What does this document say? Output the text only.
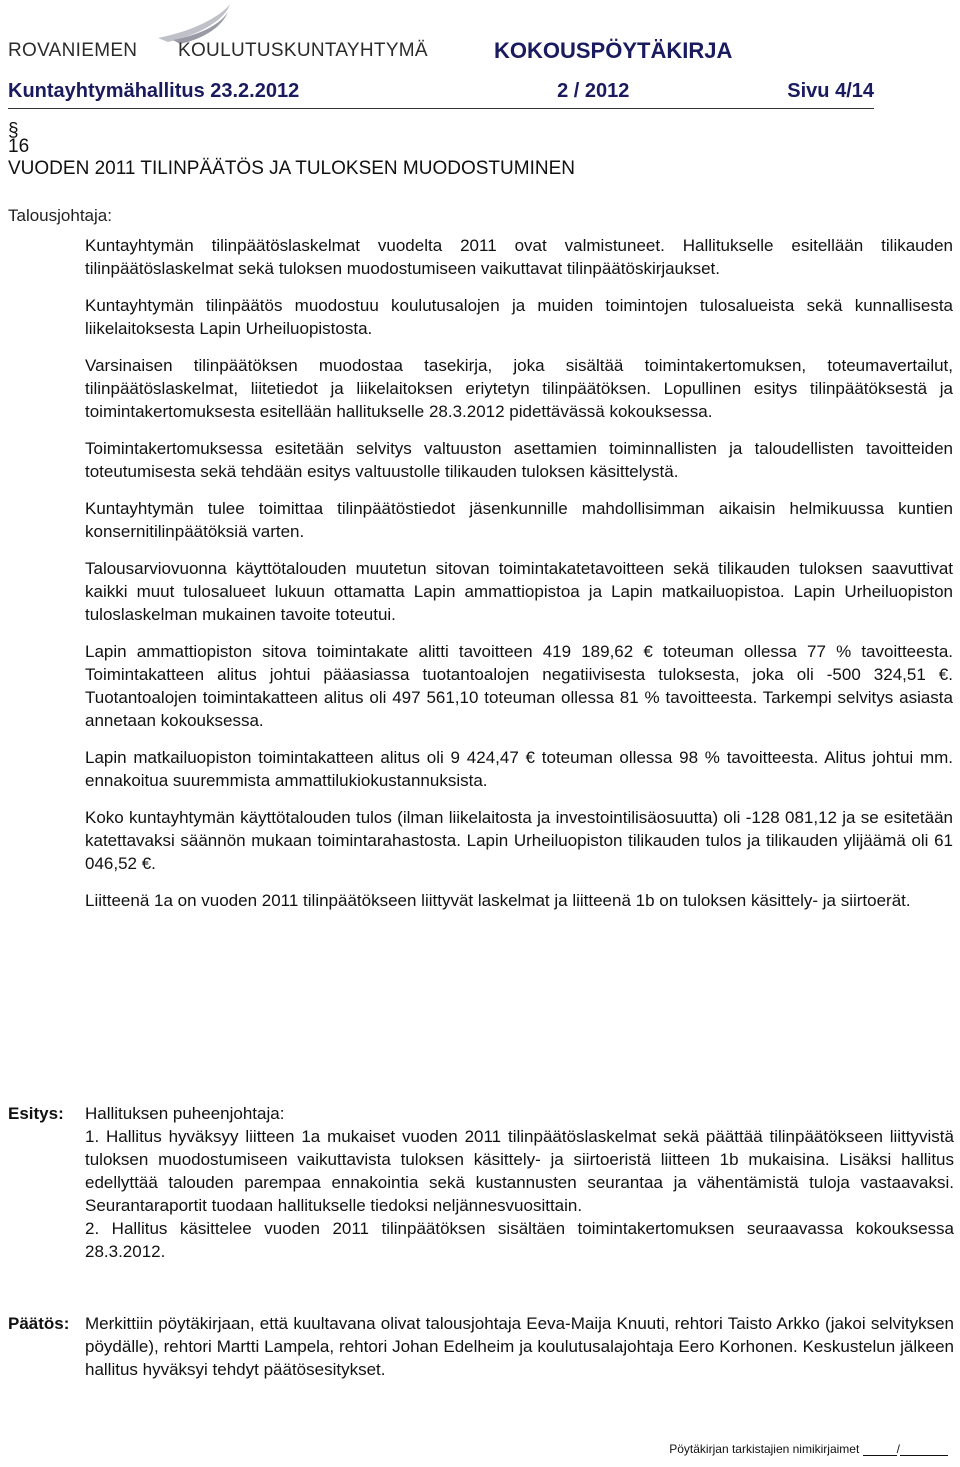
ROVANIEMEN KOULUTUSKUNTAYHTYMÄ	KOKOUSPÖYTÄKIRJA
Kuntayhtymähallitus 23.2.2012	2 / 2012	Sivu 4/14
§
16
VUODEN 2011 TILINPÄÄTÖS JA TULOKSEN MUODOSTUMINEN
Talousjohtaja:

Kuntayhtymän tilinpäätöslaskelmat vuodelta 2011 ovat valmistuneet. Hallitukselle esitellään tilikauden tilinpäätöslaskelmat sekä tuloksen muodostumiseen vaikuttavat tilinpäätöskirjaukset.

Kuntayhtymän tilinpäätös muodostuu koulutusalojen ja muiden toimintojen tulosalueista sekä kunnallisesta liikelaitoksesta Lapin Urheiluopistosta.

Varsinaisen tilinpäätöksen muodostaa tasekirja, joka sisältää toimintakertomuksen, toteumavertailut, tilinpäätöslaskelmat, liitetiedot ja liikelaitoksen eriytetyn tilinpäätöksen. Lopullinen esitys tilinpäätöksestä ja toimintakertomuksesta esitellään hallitukselle 28.3.2012 pidettävässä kokouksessa.

Toimintakertomuksessa esitetään selvitys valtuuston asettamien toiminnallisten ja taloudellisten tavoitteiden toteutumisesta sekä tehdään esitys valtuustolle tilikauden tuloksen käsittelystä.

Kuntayhtymän tulee toimittaa tilinpäätöstiedot jäsenkunnille mahdollisimman aikaisin helmikuussa kuntien konsernitilinpäätöksiä varten.

Talousarviovuonna käyttötalouden muutetun sitovan toimintakatetavoitteen sekä tilikauden tuloksen saavuttivat kaikki muut tulosalueet lukuun ottamatta Lapin ammattiopistoa ja Lapin matkailuopistoa. Lapin Urheiluopiston tuloslaskelman mukainen tavoite toteutui.

Lapin ammattiopiston sitova toimintakate alitti tavoitteen 419 189,62 € toteuman ollessa 77 % tavoitteesta. Toimintakatteen alitus johtui pääasiassa tuotantoalojen negatiivisesta tuloksesta, joka oli -500 324,51 €. Tuotantoalojen toimintakatteen alitus oli 497 561,10 toteuman ollessa 81 % tavoitteesta. Tarkempi selvitys asiasta annetaan kokouksessa.

Lapin matkailuopiston toimintakatteen alitus oli 9 424,47 € toteuman ollessa 98 % tavoitteesta. Alitus johtui mm. ennakoitua suuremmista ammattilukiokustannuksista.

Koko kuntayhtymän käyttötalouden tulos (ilman liikelaitosta ja investointilisäosuutta) oli -128 081,12 ja se esitetään katettavaksi säännön mukaan toimintarahastosta. Lapin Urheiluopiston tilikauden tulos ja tilikauden ylijäämä oli 61 046,52 €.

Liitteenä 1a on vuoden 2011 tilinpäätökseen liittyvät laskelmat ja liitteenä 1b on tuloksen käsittely- ja siirtoerät.

Esitys: Hallituksen puheenjohtaja:

1. Hallitus hyväksyy liitteen 1a mukaiset vuoden 2011 tilinpäätöslaskelmat sekä päättää tilinpäätökseen liittyvistä tuloksen muodostumiseen vaikuttavista tuloksen käsittely- ja siirtoeristä liitteen 1b mukaisina. Lisäksi hallitus edellyttää talouden parempaa ennakointia sekä kustannusten seurantaa ja vähentämistä tuloja vastaavaksi. Seurantaraportit tuodaan hallitukselle tiedoksi neljännesvuosittain.

2. Hallitus käsittelee vuoden 2011 tilinpäätöksen sisältäen toimintakertomuksen seuraavassa kokouksessa 28.3.2012.

Päätös: Merkittiin pöytäkirjaan, että kuultavana olivat talousjohtaja Eeva-Maija Knuuti, rehtori Taisto Arkko (jakoi selvityksen pöydälle), rehtori Martti Lampela, rehtori Johan Edelheim ja koulutusalajohtaja Eero Korhonen. Keskustelun jälkeen hallitus hyväksyi tehdyt päätösesitykset.

Pöytäkirjan tarkistajien nimikirjaimet	/
